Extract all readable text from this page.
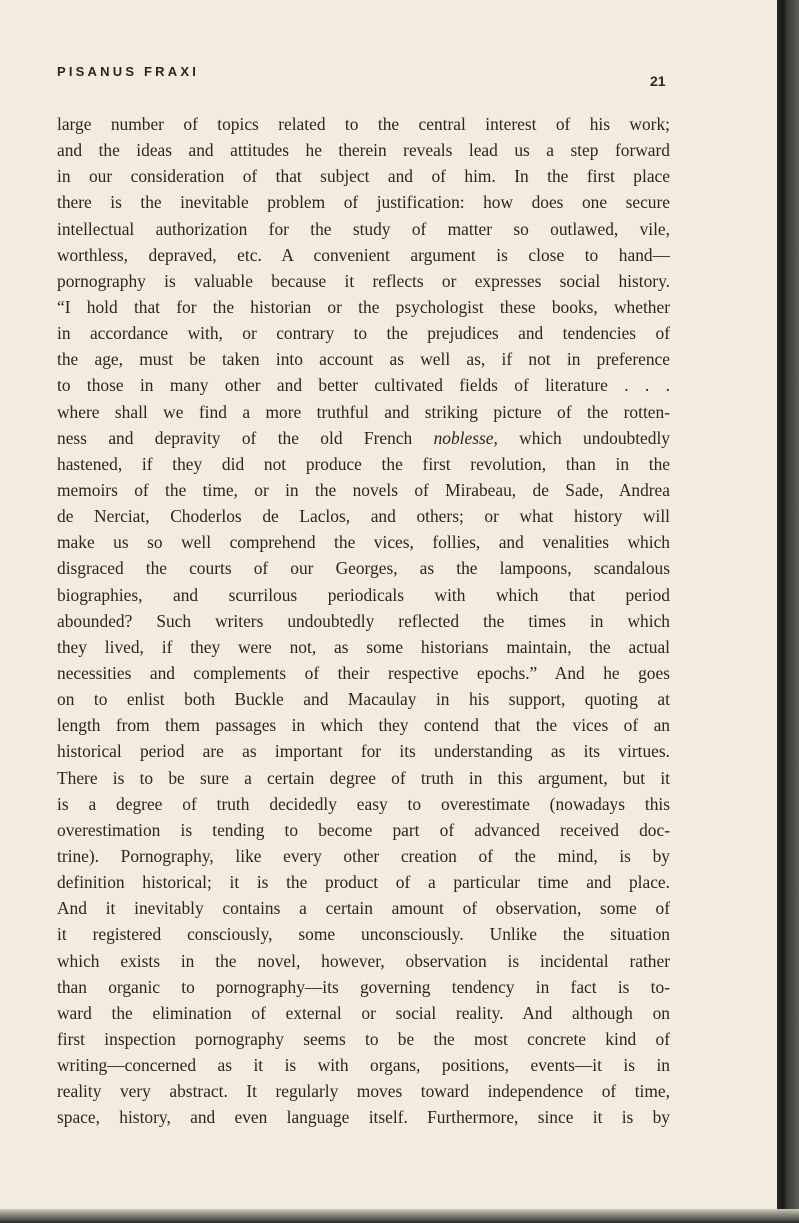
PISANUS FRAXI
21
large number of topics related to the central interest of his work;
and the ideas and attitudes he therein reveals lead us a step forward
in our consideration of that subject and of him. In the first place
there is the inevitable problem of justification: how does one secure
intellectual authorization for the study of matter so outlawed, vile,
worthless, depraved, etc. A convenient argument is close to hand—
pornography is valuable because it reflects or expresses social history.
“I hold that for the historian or the psychologist these books, whether
in accordance with, or contrary to the prejudices and tendencies of
the age, must be taken into account as well as, if not in preference
to those in many other and better cultivated fields of literature . . .
where shall we find a more truthful and striking picture of the rotten-
ness and depravity of the old French noblesse, which undoubtedly
hastened, if they did not produce the first revolution, than in the
memoirs of the time, or in the novels of Mirabeau, de Sade, Andrea
de Nerciat, Choderlos de Laclos, and others; or what history will
make us so well comprehend the vices, follies, and venalities which
disgraced the courts of our Georges, as the lampoons, scandalous
biographies, and scurrilous periodicals with which that period
abounded? Such writers undoubtedly reflected the times in which
they lived, if they were not, as some historians maintain, the actual
necessities and complements of their respective epochs.” And he goes
on to enlist both Buckle and Macaulay in his support, quoting at
length from them passages in which they contend that the vices of an
historical period are as important for its understanding as its virtues.
There is to be sure a certain degree of truth in this argument, but it
is a degree of truth decidedly easy to overestimate (nowadays this
overestimation is tending to become part of advanced received doc-
trine). Pornography, like every other creation of the mind, is by
definition historical; it is the product of a particular time and place.
And it inevitably contains a certain amount of observation, some of
it registered consciously, some unconsciously. Unlike the situation
which exists in the novel, however, observation is incidental rather
than organic to pornography—its governing tendency in fact is to-
ward the elimination of external or social reality. And although on
first inspection pornography seems to be the most concrete kind of
writing—concerned as it is with organs, positions, events—it is in
reality very abstract. It regularly moves toward independence of time,
space, history, and even language itself. Furthermore, since it is by
